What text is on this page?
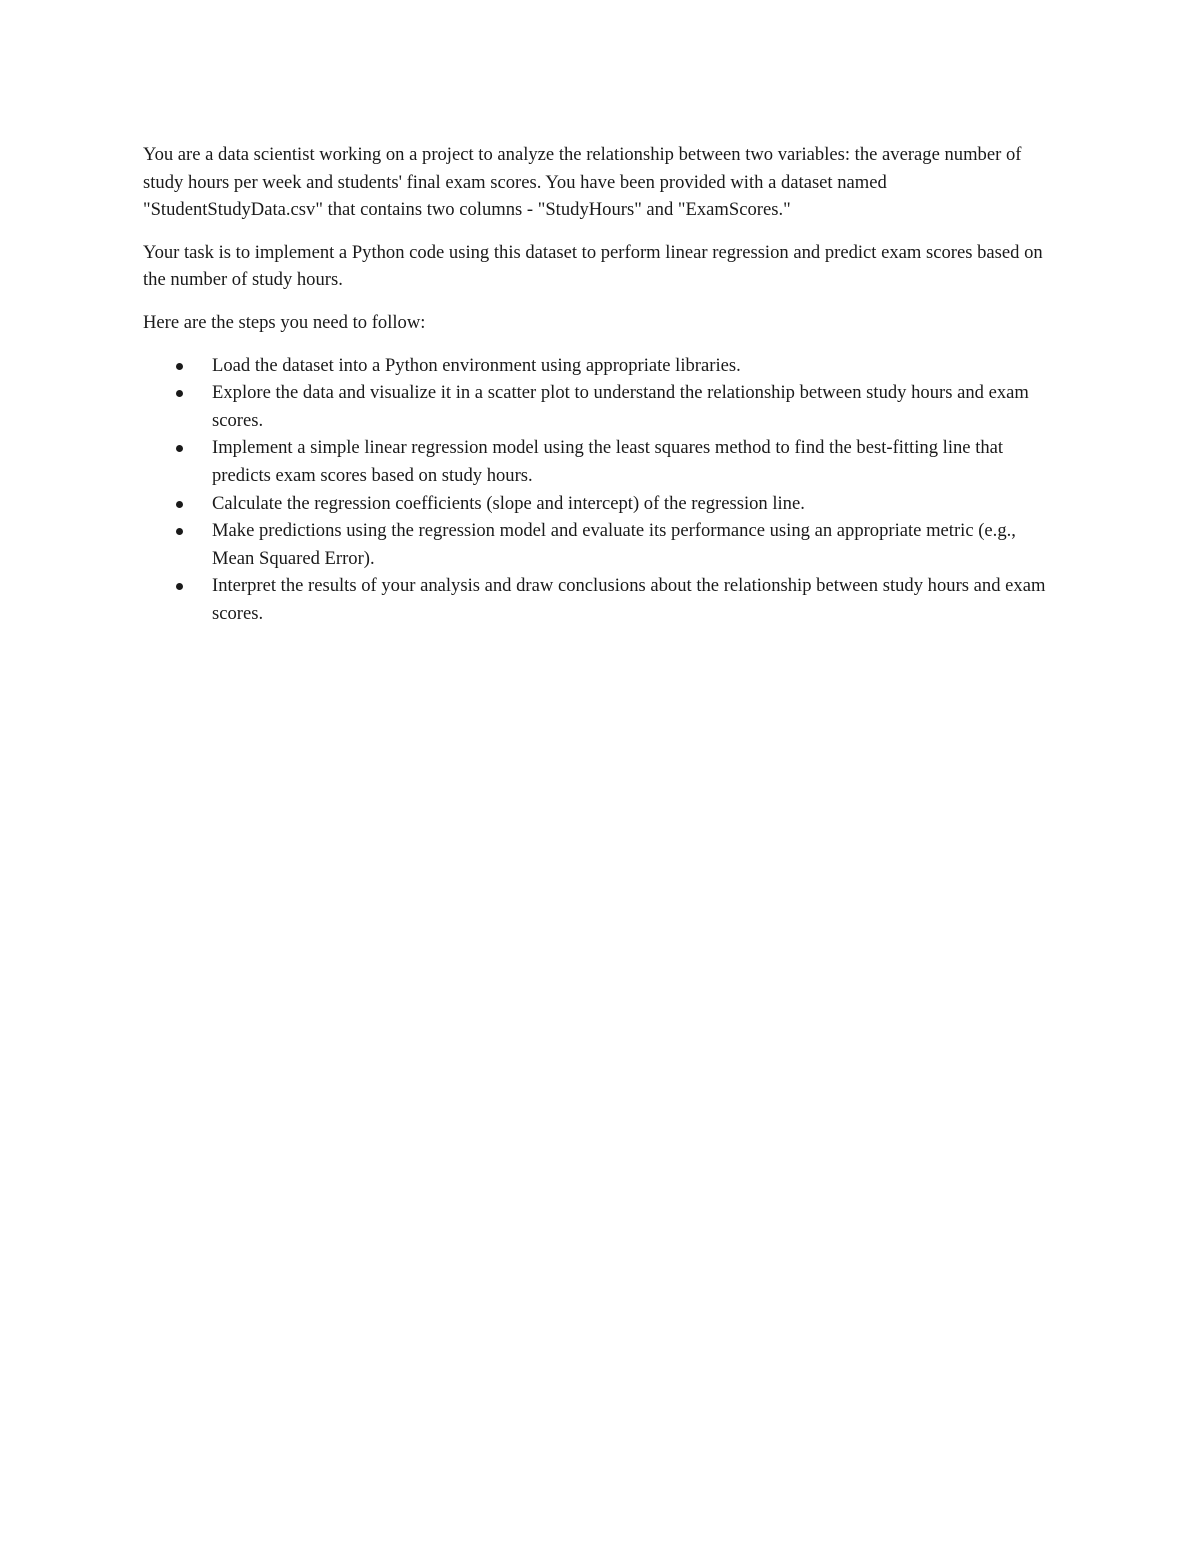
You are a data scientist working on a project to analyze the relationship between two variables: the average number of study hours per week and students' final exam scores. You have been provided with a dataset named "StudentStudyData.csv" that contains two columns - "StudyHours" and "ExamScores."

Your task is to implement a Python code using this dataset to perform linear regression and predict exam scores based on the number of study hours.

Here are the steps you need to follow:

Load the dataset into a Python environment using appropriate libraries.
Explore the data and visualize it in a scatter plot to understand the relationship between study hours and exam scores.
Implement a simple linear regression model using the least squares method to find the best-fitting line that predicts exam scores based on study hours.
Calculate the regression coefficients (slope and intercept) of the regression line.
Make predictions using the regression model and evaluate its performance using an appropriate metric (e.g., Mean Squared Error).
Interpret the results of your analysis and draw conclusions about the relationship between study hours and exam scores.
